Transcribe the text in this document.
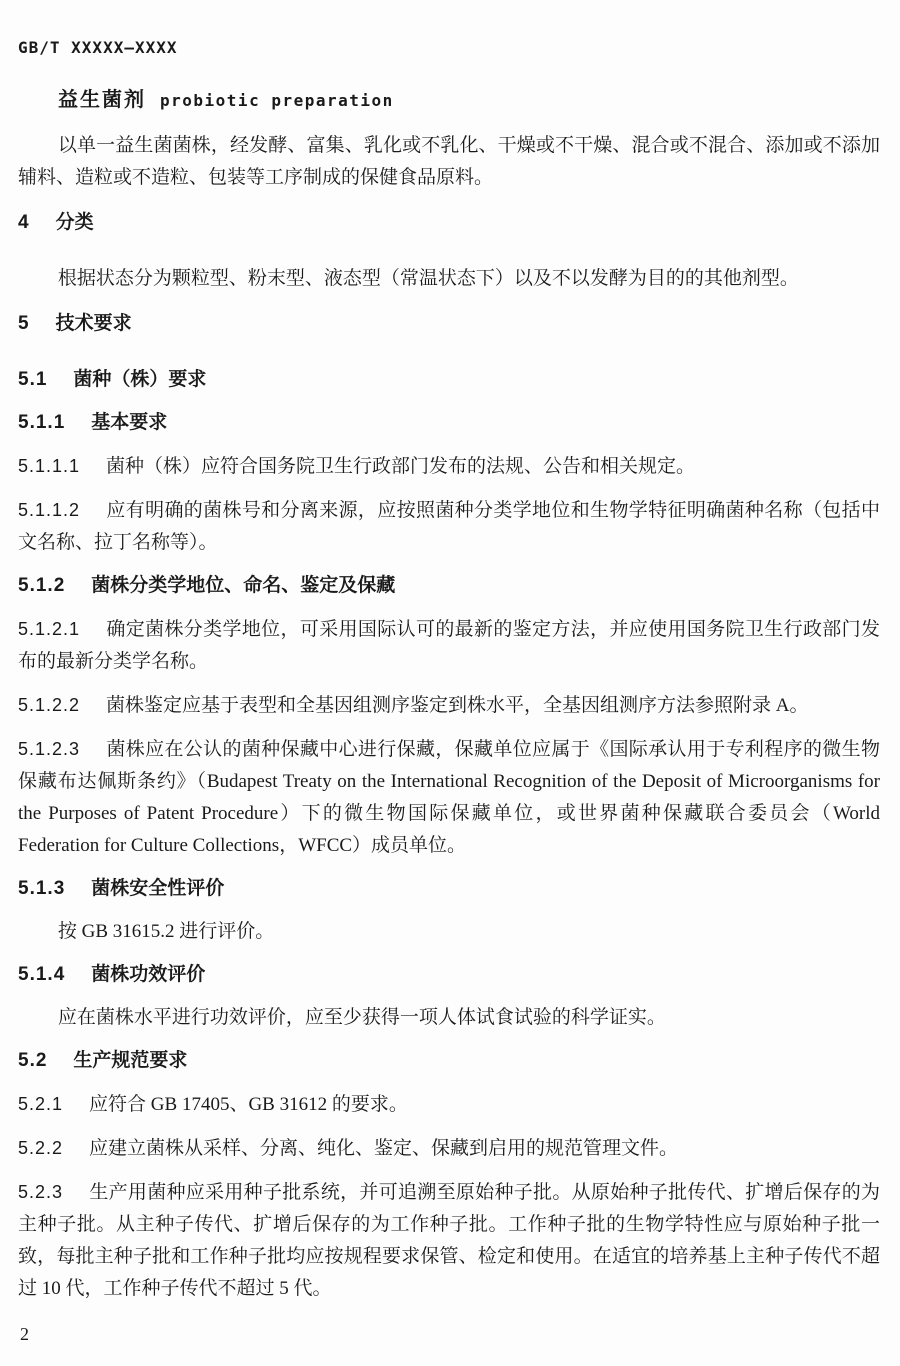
GB/T XXXXX—XXXX
益生菌剂 probiotic preparation

以单一益生菌菌株，经发酵、富集、乳化或不乳化、干燥或不干燥、混合或不混合、添加或不添加辅料、造粒或不造粒、包装等工序制成的保健食品原料。

4 分类

根据状态分为颗粒型、粉末型、液态型（常温状态下）以及不以发酵为目的的其他剂型。

5 技术要求
5.1 菌种（株）要求
5.1.1 基本要求

5.1.1.1 菌种（株）应符合国务院卫生行政部门发布的法规、公告和相关规定。

5.1.1.2 应有明确的菌株号和分离来源，应按照菌种分类学地位和生物学特征明确菌种名称（包括中文名称、拉丁名称等）。

5.1.2 菌株分类学地位、命名、鉴定及保藏

5.1.2.1 确定菌株分类学地位，可采用国际认可的最新的鉴定方法，并应使用国务院卫生行政部门发布的最新分类学名称。

5.1.2.2 菌株鉴定应基于表型和全基因组测序鉴定到株水平，全基因组测序方法参照附录 A。

5.1.2.3 菌株应在公认的菌种保藏中心进行保藏，保藏单位应属于《国际承认用于专利程序的微生物保藏布达佩斯条约》（Budapest Treaty on the International Recognition of the Deposit of Microorganisms for the Purposes of Patent Procedure）下的微生物国际保藏单位，或世界菌种保藏联合委员会（World Federation for Culture Collections，WFCC）成员单位。

5.1.3 菌株安全性评价

按 GB 31615.2 进行评价。

5.1.4 菌株功效评价

应在菌株水平进行功效评价，应至少获得一项人体试食试验的科学证实。

5.2 生产规范要求

5.2.1 应符合 GB 17405、GB 31612 的要求。

5.2.2 应建立菌株从采样、分离、纯化、鉴定、保藏到启用的规范管理文件。

5.2.3 生产用菌种应采用种子批系统，并可追溯至原始种子批。从原始种子批传代、扩增后保存的为主种子批。从主种子传代、扩增后保存的为工作种子批。工作种子批的生物学特性应与原始种子批一致，每批主种子批和工作种子批均应按规程要求保管、检定和使用。在适宜的培养基上主种子传代不超过 10 代，工作种子传代不超过 5 代。

2
